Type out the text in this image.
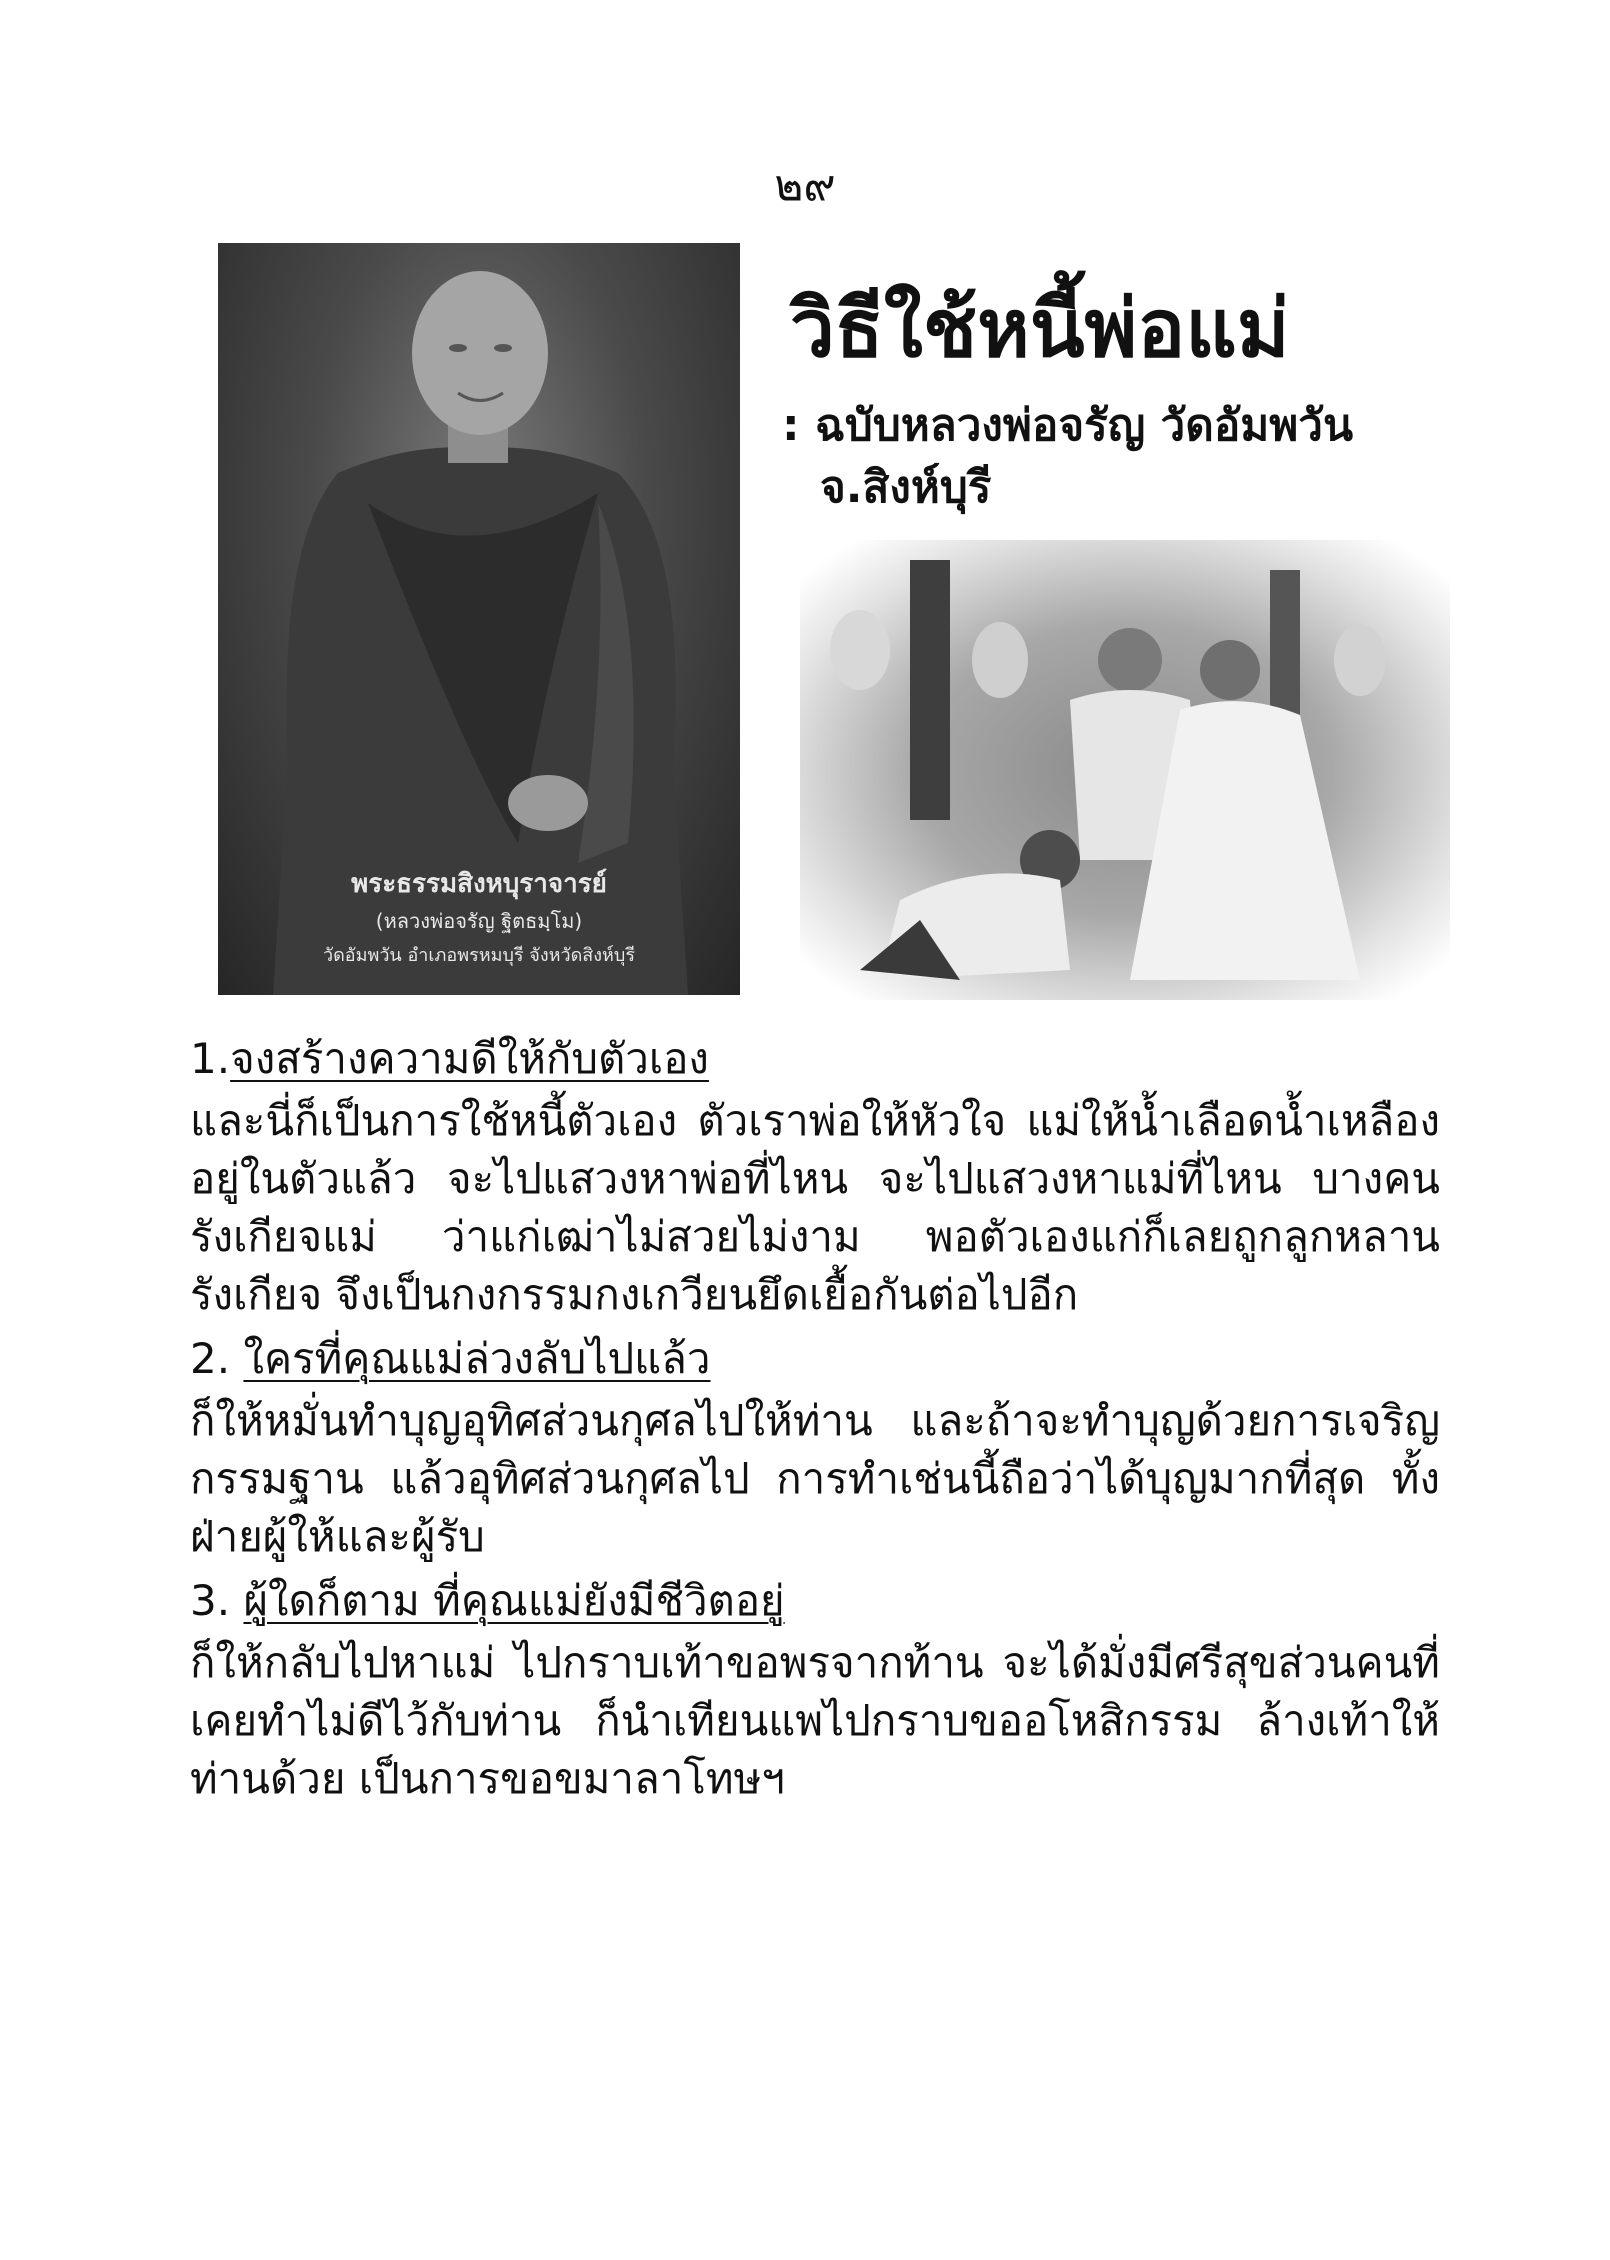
๒๙
พระธรรมสิงหบุราจารย์
(หลวงพ่อจรัญ ฐิตธมฺโม)
วัดอัมพวัน อำเภอพรหมบุรี จังหวัดสิงห์บุรี
วิธีใช้หนี้พ่อแม่
: ฉบับหลวงพ่อจรัญ วัดอัมพวัน
จ.สิงห์บุรี

1.จงสร้างความดีให้กับตัวเอง

และนี่ก็เป็นการใช้หนี้ตัวเอง ตัวเราพ่อให้หัวใจ แม่ให้น้ำเลือดน้ำเหลือง อยู่ในตัวแล้ว จะไปแสวงหาพ่อที่ไหน จะไปแสวงหาแม่ที่ไหน บางคนรังเกียจแม่ ว่าแก่เฒ่าไม่สวยไม่งาม พอตัวเองแก่ก็เลยถูกลูกหลานรังเกียจ จึงเป็นกงกรรมกงเกวียนยึดเยื้อกันต่อไปอีก

2. ใครที่คุณแม่ล่วงลับไปแล้ว

ก็ให้หมั่นทำบุญอุทิศส่วนกุศลไปให้ท่าน และถ้าจะทำบุญด้วยการเจริญกรรมฐาน แล้วอุทิศส่วนกุศลไป การทำเช่นนี้ถือว่าได้บุญมากที่สุด ทั้งฝ่ายผู้ให้และผู้รับ

3. ผู้ใดก็ตาม ที่คุณแม่ยังมีชีวิตอยู่

ก็ให้กลับไปหาแม่ ไปกราบเท้าขอพรจากท้าน จะได้มั่งมีศรีสุขส่วนคนที่เคยทำไม่ดีไว้กับท่าน ก็นำเทียนแพไปกราบขออโหสิกรรม ล้างเท้าให้ท่านด้วย เป็นการขอขมาลาโทษฯ
